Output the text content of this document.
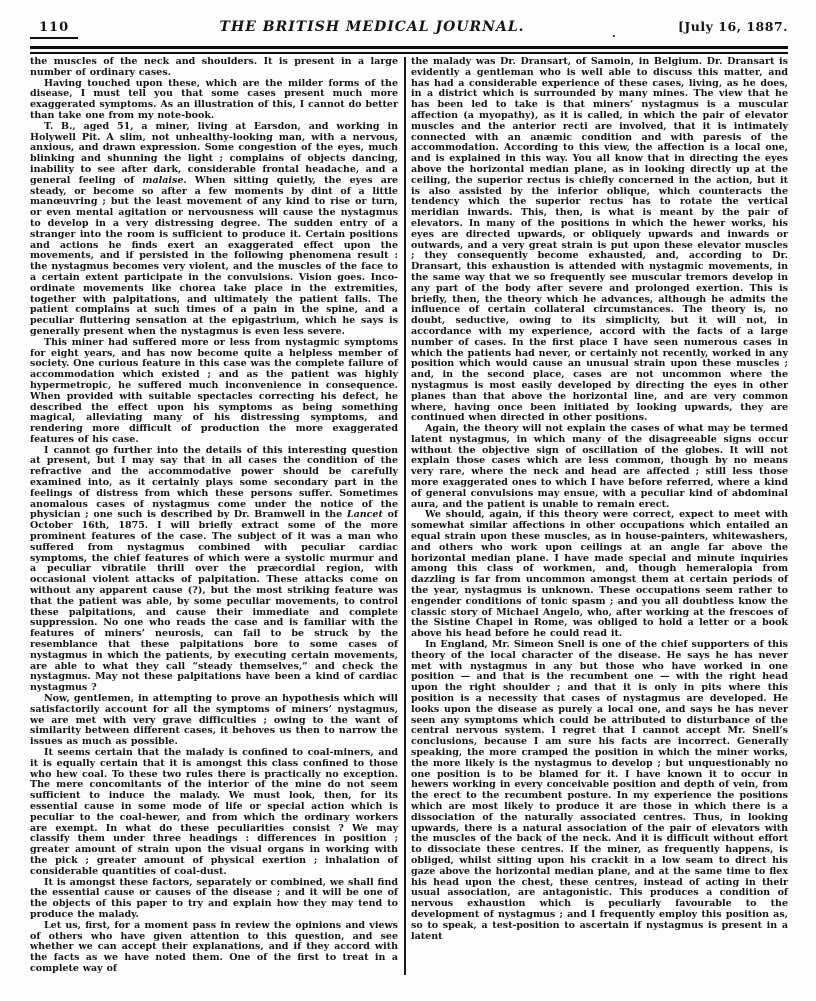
110	THE BRITISH MEDICAL JOURNAL.	[July 16, 1887.
.

the muscles of the neck and shoulders. It is present in a large number of ordinary cases.

Having touched upon these, which are the milder forms of the disease, I must tell you that some cases present much more exaggerated symptoms. As an illustration of this, I cannot do better than take one from my note-book.

T. B., aged 51, a miner, living at Earsdon, and working in Holywell Pit. A slim, not unhealthy-looking man, with a nervous, anxious, and drawn expression. Some congestion of the eyes, much blinking and shunning the light ; complains of objects dancing, inability to see after dark, considerable frontal headache, and a general feeling of malaise. When sitting quietly, the eyes are steady, or become so after a few moments by dint of a little manœuvring ; but the least movement of any kind to rise or turn, or even mental agitation or nervousness will cause the nystagmus to develop in a very distressing degree. The sudden entry of a stranger into the room is sufficient to produce it. Certain positions and actions he finds exert an exaggerated effect upon the movements, and if persisted in the following phenomena result : the nystagmus becomes very violent, and the muscles of the face to a certain extent participate in the convulsions. Vision goes. Inco-ordinate movements like chorea take place in the extremities, together with palpitations, and ultimately the patient falls. The patient complains at such times of a pain in the spine, and a peculiar fluttering sensation at the epigastrium, which he says is generally present when the nystagmus is even less severe.

This miner had suffered more or less from nystagmic symptoms for eight years, and has now become quite a helpless member of society. One curious feature in this case was the complete failure of accommodation which existed ; and as the patient was highly hypermetropic, he suffered much inconvenience in consequence. When provided with suitable spectacles correcting his defect, he described the effect upon his symptoms as being something magical, alleviating many of his distressing symptoms, and rendering more difficult of production the more exaggerated features of his case.

I cannot go further into the details of this interesting question at present, but I may say that in all cases the condition of the refractive and the accommodative power should be carefully examined into, as it certainly plays some secondary part in the feelings of distress from which these persons suffer. Sometimes anomalous cases of nystagmus come under the notice of the physician ; one such is described by Dr. Bramwell in the Lancet of October 16th, 1875. I will briefly extract some of the more prominent features of the case. The subject of it was a man who suffered from nystagmus combined with peculiar cardiac symptoms, the chief features of which were a systolic murmur and a peculiar vibratile thrill over the præcordial region, with occasional violent attacks of palpitation. These attacks come on without any apparent cause (?), but the most striking feature was that the patient was able, by some peculiar movements, to control these palpitations, and cause their immediate and complete suppression. No one who reads the case and is familiar with the features of miners’ neurosis, can fail to be struck by the resemblance that these palpitations bore to some cases of nystagmus in which the patients, by executing certain movements, are able to what they call “steady themselves,” and check the nystagmus. May not these palpitations have been a kind of cardiac nystagmus ?

Now, gentlemen, in attempting to prove an hypothesis which will satisfactorily account for all the symptoms of miners’ nystagmus, we are met with very grave difficulties ; owing to the want of similarity between different cases, it behoves us then to narrow the issues as much as possible.

It seems certain that the malady is confined to coal-miners, and it is equally certain that it is amongst this class confined to those who hew coal. To these two rules there is practically no exception. The mere concomitants of the interior of the mine do not seem sufficient to induce the malady. We must look, then, for its essential cause in some mode of life or special action which is peculiar to the coal-hewer, and from which the ordinary workers are exempt. In what do these peculiarities consist ? We may classify them under three headings : differences in position ; greater amount of strain upon the visual organs in working with the pick ; greater amount of physical exertion ; inhalation of considerable quantities of coal-dust.

It is amongst these factors, separately or combined, we shall find the essential cause or causes of the disease ; and it will be one of the objects of this paper to try and explain how they may tend to produce the malady.

Let us, first, for a moment pass in review the opinions and views of others who have given attention to this question, and see whether we can accept their explanations, and if they accord with the facts as we have noted them. One of the first to treat in a complete way of

the malady was Dr. Dransart, of Samoin, in Belgium. Dr. Dransart is evidently a gentleman who is well able to discuss this matter, and has had a considerable experience of these cases, living, as he does, in a district which is surrounded by many mines. The view that he has been led to take is that miners’ nystagmus is a muscular affection (a myopathy), as it is called, in which the pair of elevator muscles and the anterior recti are involved, that it is intimately connected with an anæmic condition and with paresis of the accommodation. According to this view, the affection is a local one, and is explained in this way. You all know that in directing the eyes above the horizontal median plane, as in looking directly up at the ceiling, the superior rectus is chiefly concerned in the action, but it is also assisted by the inferior oblique, which counteracts the tendency which the superior rectus has to rotate the vertical meridian inwards. This, then, is what is meant by the pair of elevators. In many of the positions in which the hewer works, his eyes are directed upwards, or obliquely upwards and inwards or outwards, and a very great strain is put upon these elevator muscles ; they consequently become exhausted, and, according to Dr. Dransart, this exhaustion is attended with nystagmic movements, in the same way that we so frequently see muscular tremors develop in any part of the body after severe and prolonged exertion. This is briefly, then, the theory which he advances, although he admits the influence of certain collateral circumstances. The theory is, no doubt, seductive, owing to its simplicity, but it will not, in accordance with my experience, accord with the facts of a large number of cases. In the first place I have seen numerous cases in which the patients had never, or certainly not recently, worked in any position which would cause an unusual strain upon these muscles ; and, in the second place, cases are not uncommon where the nystagmus is most easily developed by directing the eyes in other planes than that above the horizontal line, and are very common where, having once been initiated by looking upwards, they are continued when directed in other positions.

Again, the theory will not explain the cases of what may be termed latent nystagmus, in which many of the disagreeable signs occur without the objective sign of oscillation of the globes. It will not explain those cases which are less common, though by no means very rare, where the neck and head are affected ; still less those more exaggerated ones to which I have before referred, where a kind of general convulsions may ensue, with a peculiar kind of abdominal aura, and the patient is unable to remain erect.

We should, again, if this theory were correct, expect to meet with somewhat similar affections in other occupations which entailed an equal strain upon these muscles, as in house-painters, whitewashers, and others who work upon ceilings at an angle far above the horizontal median plane. I have made special and minute inquiries among this class of workmen, and, though hemeralopia from dazzling is far from uncommon amongst them at certain periods of the year, nystagmus is unknown. These occupations seem rather to engender conditions of tonic spasm ; and you all doubtless know the classic story of Michael Angelo, who, after working at the frescoes of the Sistine Chapel in Rome, was obliged to hold a letter or a book above his head before he could read it.

In England, Mr. Simeon Snell is one of the chief supporters of this theory of the local character of the disease. He says he has never met with nystagmus in any but those who have worked in one position — and that is the recumbent one — with the right head upon the right shoulder ; and that it is only in pits where this position is a necessity that cases of nystagmus are developed. He looks upon the disease as purely a local one, and says he has never seen any symptoms which could be attributed to disturbance of the central nervous system. I regret that I cannot accept Mr. Snell’s conclusions, because I am sure his facts are incorrect. Generally speaking, the more cramped the position in which the miner works, the more likely is the nystagmus to develop ; but unquestionably no one position is to be blamed for it. I have known it to occur in hewers working in every conceivable position and depth of vein, from the erect to the recumbent posture. In my experience the positions which are most likely to produce it are those in which there is a dissociation of the naturally associated centres. Thus, in looking upwards, there is a natural association of the pair of elevators with the muscles of the back of the neck. And it is difficult without effort to dissociate these centres. If the miner, as frequently happens, is obliged, whilst sitting upon his crackit in a low seam to direct his gaze above the horizontal median plane, and at the same time to flex his head upon the chest, these centres, instead of acting in their usual association, are antagonistic. This produces a condition of nervous exhaustion which is peculiarly favourable to the development of nystagmus ; and I frequently employ this position as, so to speak, a test-position to ascertain if nystagmus is present in a latent
